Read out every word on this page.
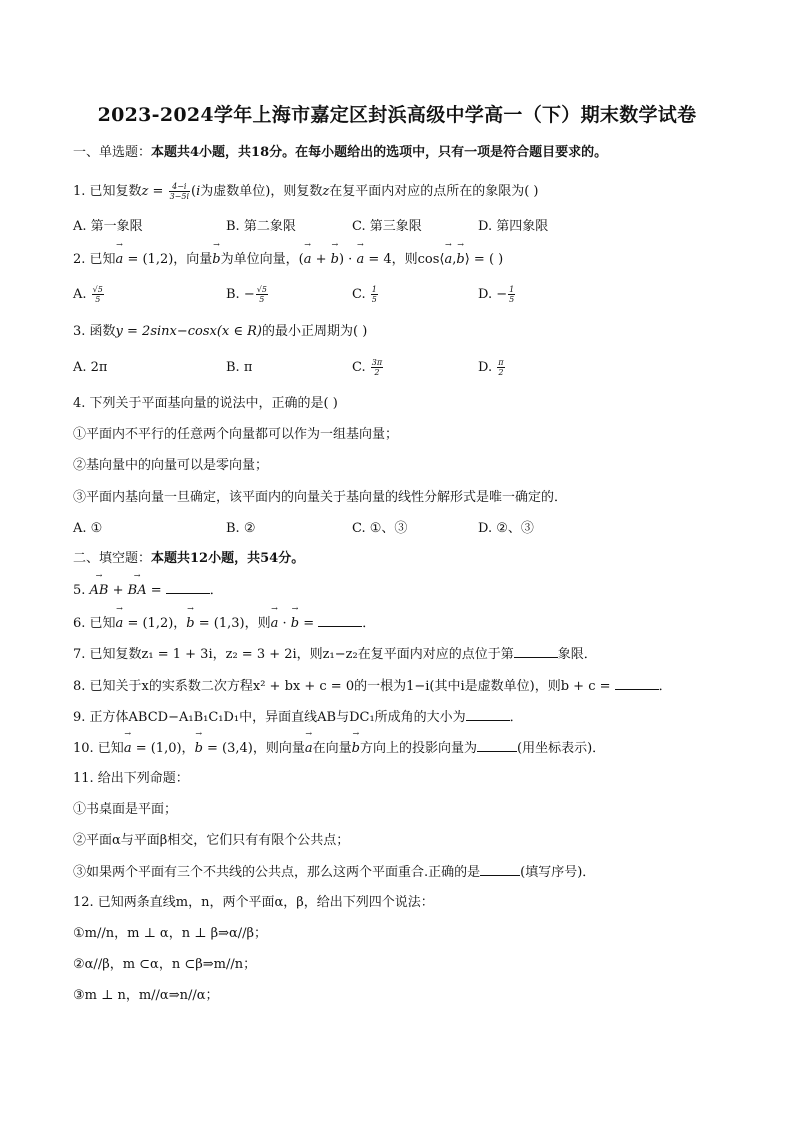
2023-2024学年上海市嘉定区封浜高级中学高一（下）期末数学试卷
一、单选题：本题共4小题，共18分。在每小题给出的选项中，只有一项是符合题目要求的。
1. 已知复数$z = \frac{4-i}{3-5i} (i$为虚数单位)，则复数z在复平面内对应的点所在的象限为( )
A. 第一象限	B. 第二象限	C. 第三象限	D. 第四象限
2. 已知→ a = (1,2)，向量→ b为单位向量，(→ a + → b) · → a = 4，则cos⟨→ a,→ b⟩ = ( )
A. $\frac{√5}{5}$	B. − $\frac{√5}{5}$	C. $\frac{1}{5}$	D. − $\frac{1}{5}$
3. 函数y = 2sinx−cosx(x ∈ R)的最小正周期为( )
A. 2π	B. π	C. $\frac{3\pi}{2}$	D. $\frac{\pi}{2}$
4. 下列关于平面基向量的说法中，正确的是( )
①平面内不平行的任意两个向量都可以作为一组基向量；
②基向量中的向量可以是零向量；
③平面内基向量一旦确定，该平面内的向量关于基向量的线性分解形式是唯一确定的．
A. ①	B. ②	C. ①、③	D. ②、③
二、填空题：本题共12小题，共54分。
5. → AB + → BA =	．
6. 已知→ a = (1,2)，→ b = (1,3)，则→ a · → b =	．
7. 已知复数z₁ = 1 + 3i，z₂ = 3 + 2i，则z₁−z₂在复平面内对应的点位于第	象限．
8. 已知关于x的实系数二次方程x² + bx + c = 0的一根为1−i(其中i是虚数单位)，则b + c =	．
9. 正方体ABCD−A₁B₁C₁D₁中，异面直线AB与DC₁所成角的大小为	．
10. 已知→ a = (1,0)，→ b = (3,4)，则向量→ a在向量→ b方向上的投影向量为	(用坐标表示)．
11. 给出下列命题：
①书桌面是平面；
②平面α与平面β相交，它们只有有限个公共点；
③如果两个平面有三个不共线的公共点，那么这两个平面重合.正确的是	(填写序号)．
12. 已知两条直线m，n，两个平面α，β，给出下列四个说法：
①m//n，m ⊥ α，n ⊥ β⇒α//β；
②α//β，m ⊂α，n ⊂β⇒m//n；
③m ⊥ n，m//α⇒n//α；
